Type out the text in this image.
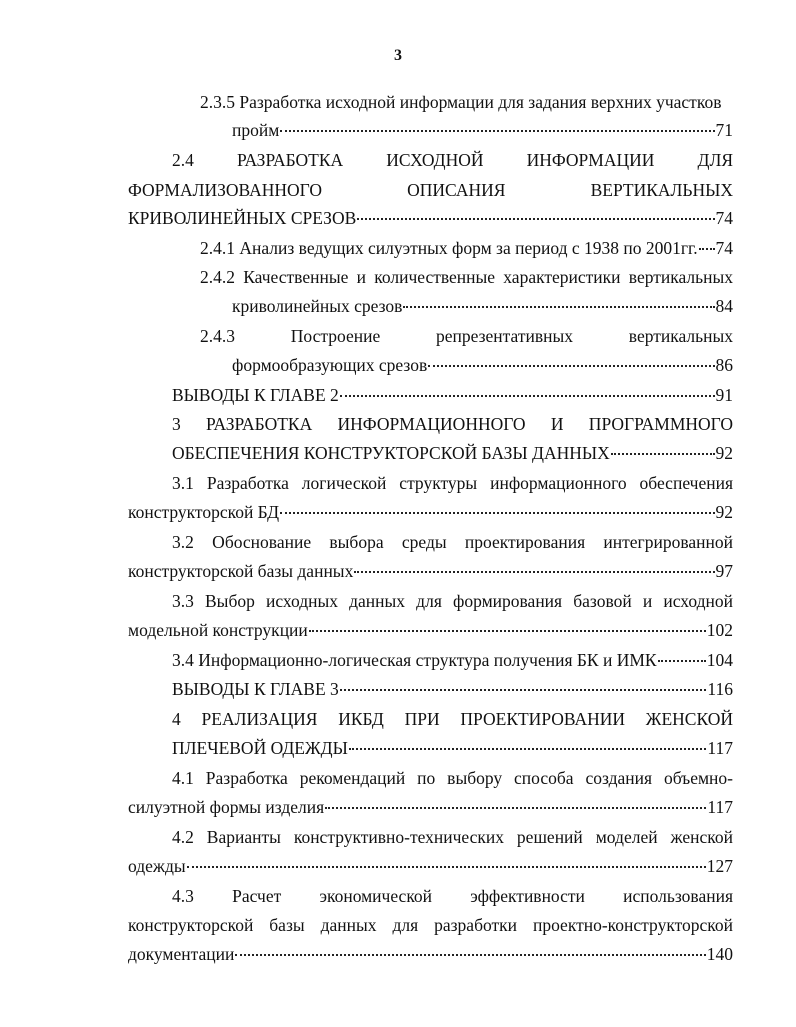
3
2.3.5 Разработка исходной информации для задания верхних участков
пройм	71
2.4 РАЗРАБОТКА ИСХОДНОЙ ИНФОРМАЦИИ ДЛЯ
ФОРМАЛИЗОВАННОГО ОПИСАНИЯ ВЕРТИКАЛЬНЫХ
КРИВОЛИНЕЙНЫХ СРЕЗОВ	74
2.4.1 Анализ ведущих силуэтных форм за период с 1938 по 2001гг. 74
2.4.2 Качественные и количественные характеристики вертикальных
криволинейных срезов	84
2.4.3 Построение репрезентативных вертикальных
формообразующих срезов	86
ВЫВОДЫ К ГЛАВЕ 2	91
3 РАЗРАБОТКА ИНФОРМАЦИОННОГО И ПРОГРАММНОГО
ОБЕСПЕЧЕНИЯ КОНСТРУКТОРСКОЙ БАЗЫ ДАННЫХ	92
3.1 Разработка логической структуры информационного обеспечения
конструкторской БД	92
3.2 Обоснование выбора среды проектирования интегрированной
конструкторской базы данных	97
3.3 Выбор исходных данных для формирования базовой и исходной
модельной конструкции	102
3.4 Информационно-логическая структура получения БК и ИМК	104
ВЫВОДЫ К ГЛАВЕ 3	116
4 РЕАЛИЗАЦИЯ ИКБД ПРИ ПРОЕКТИРОВАНИИ ЖЕНСКОЙ
ПЛЕЧЕВОЙ ОДЕЖДЫ	117
4.1 Разработка рекомендаций по выбору способа создания объемно-
силуэтной формы изделия	117
4.2 Варианты конструктивно-технических решений моделей женской
одежды	127
4.3 Расчет экономической эффективности использования
конструкторской базы данных для разработки проектно-конструкторской
документации	140
